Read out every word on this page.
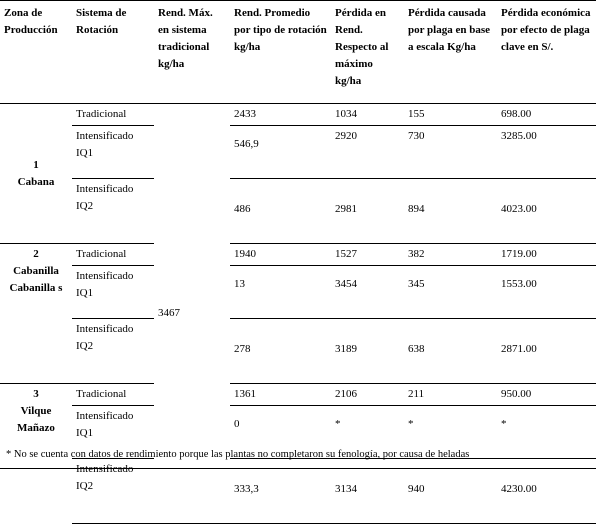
Zona de Producción	Sistema de Rotación	Rend. Máx. en sistema tradicional kg/ha	Rend. Promedio por tipo de rotación kg/ha	Pérdida en Rend. Respecto al máximo kg/ha	Pérdida causada por plaga en base a escala Kg/ha	Pérdida económica por efecto de plaga clave en S/.

1
Cabana	Tradicional	3467	2433	1034	155	698.00
	Intensificado IQ1		546,9	2920	730	3285.00
	Intensificado IQ2		486	2981	894	4023.00

2
Cabanilla Cabanilla s	Tradicional		1940	1527	382	1719.00
	Intensificado IQ1		13	3454	345	1553.00
	Intensificado IQ2		278	3189	638	2871.00

3
Vilque Mañazo	Tradicional		1361	2106	211	950.00
	Intensificado IQ1		0	*	*	*
	Intensificado IQ2		333,3	3134	940	4230.00
* No se cuenta con datos de rendimiento porque las plantas no completaron su fenología, por causa de heladas
